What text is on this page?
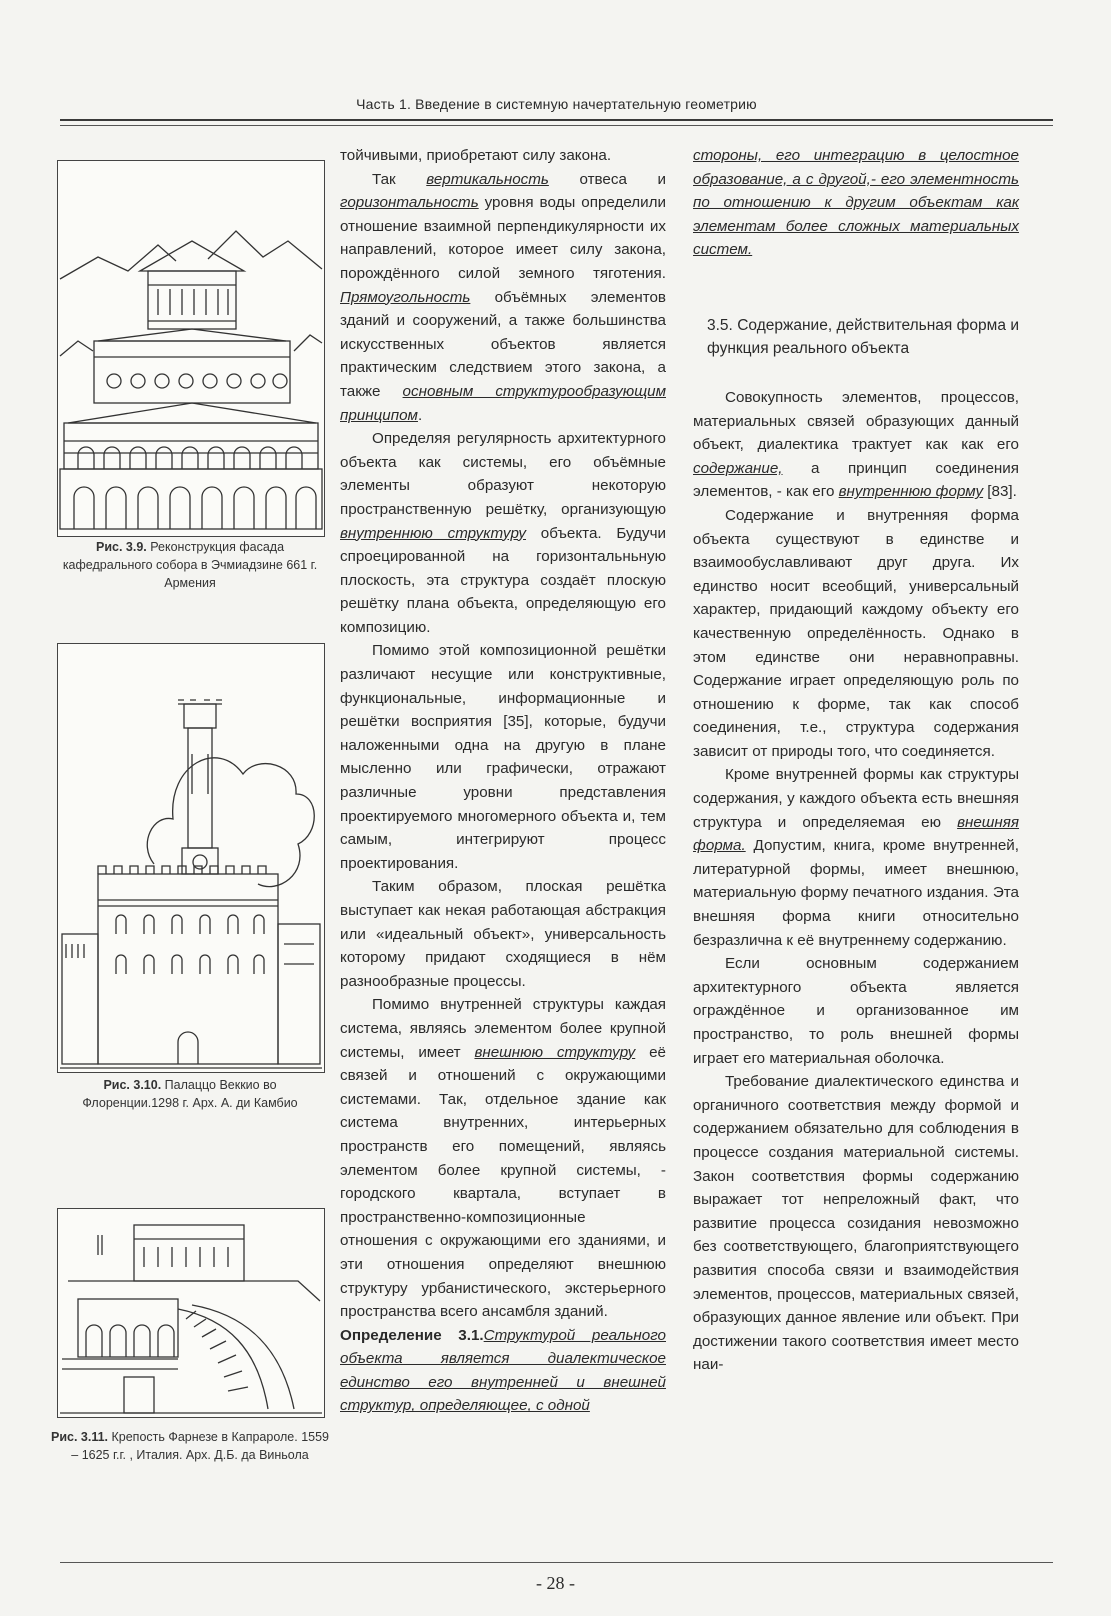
Часть 1. Введение в системную начертательную геометрию
Рис. 3.9. Реконструкция фасада кафедрального собора в Эчмиадзине 661 г. Армения
Рис. 3.10. Палаццо Веккио во Флоренции.1298 г. Арх. А. ди Камбио
Рис. 3.11. Крепость Фарнезе в Капрароле. 1559 – 1625 г.г. , Италия. Арх. Д.Б. да Виньола

тойчивыми, приобретают силу закона.

Так вертикальность отвеса и горизонтальность уровня воды определили отношение взаимной перпендикулярности их направлений, которое имеет силу закона, порождённого силой земного тяготения. Прямоугольность объёмных элементов зданий и сооружений, а также большинства искусственных объектов является практическим следствием этого закона, а также основным структурообразующим принципом.

Определяя регулярность архитектурного объекта как системы, его объёмные элементы образуют некоторую пространственную решётку, организующую внутреннюю структуру объекта. Будучи спроецированной на горизонтальньную плоскость, эта структура создаёт плоскую решётку плана объекта, определяющую его композицию.

Помимо этой композиционной решётки различают несущие или конструктивные, функциональные, информационные и решётки восприятия [35], которые, будучи наложенными одна на другую в плане мысленно или графически, отражают различные уровни представления проектируемого многомерного объекта и, тем самым, интегрируют процесс проектирования.

Таким образом, плоская решётка выступает как некая работающая абстракция или «идеальный объект», универсальность которому придают сходящиеся в нём разнообразные процессы.

Помимо внутренней структуры каждая система, являясь элементом более крупной системы, имеет внешнюю структуру её связей и отношений с окружающими системами. Так, отдельное здание как система внутренних, интерьерных пространств его помещений, являясь элементом более крупной системы, - городского квартала, вступает в пространственно-композиционные отношения с окружающими его зданиями, и эти отношения определяют внешнюю структуру урбанистического, экстерьерного пространства всего ансамбля зданий.

Определение 3.1.Структурой реального объекта является диалектическое единство его внутренней и внешней структур, определяющее, с одной

стороны, его интеграцию в целостное образование, а с другой,- его элементность по отношению к другим объектам как элементам более сложных материальных систем.

3.5. Содержание, действительная форма и функция реального объекта

Совокупность элементов, процессов, материальных связей образующих данный объект, диалектика трактует как как его содержание, а принцип соединения элементов, - как его внутреннюю форму [83].

Содержание и внутренняя форма объекта существуют в единстве и взаимообуславливают друг друга. Их единство носит всеобщий, универсальный характер, придающий каждому объекту его качественную определённость. Однако в этом единстве они неравноправны. Содержание играет определяющую роль по отношению к форме, так как способ соединения, т.е., структура содержания зависит от природы того, что соединяется.

Кроме внутренней формы как структуры содержания, у каждого объекта есть внешняя структура и определяемая ею внешняя форма. Допустим, книга, кроме внутренней, литературной формы, имеет внешнюю, материальную форму печатного издания. Эта внешняя форма книги относительно безразлична к её внутреннему содержанию.

Если основным содержанием архитектурного объекта является ограждённое и организованное им пространство, то роль внешней формы играет его материальная оболочка.

Требование диалектического единства и органичного соответствия между формой и содержанием обязательно для соблюдения в процессе создания материальной системы. Закон соответствия формы содержанию выражает тот непреложный факт, что развитие процесса созидания невозможно без соответствующего, благоприятствующего развития способа связи и взаимодействия элементов, процессов, материальных связей, образующих данное явление или объект. При достижении такого соответствия имеет место наи-

- 28 -
